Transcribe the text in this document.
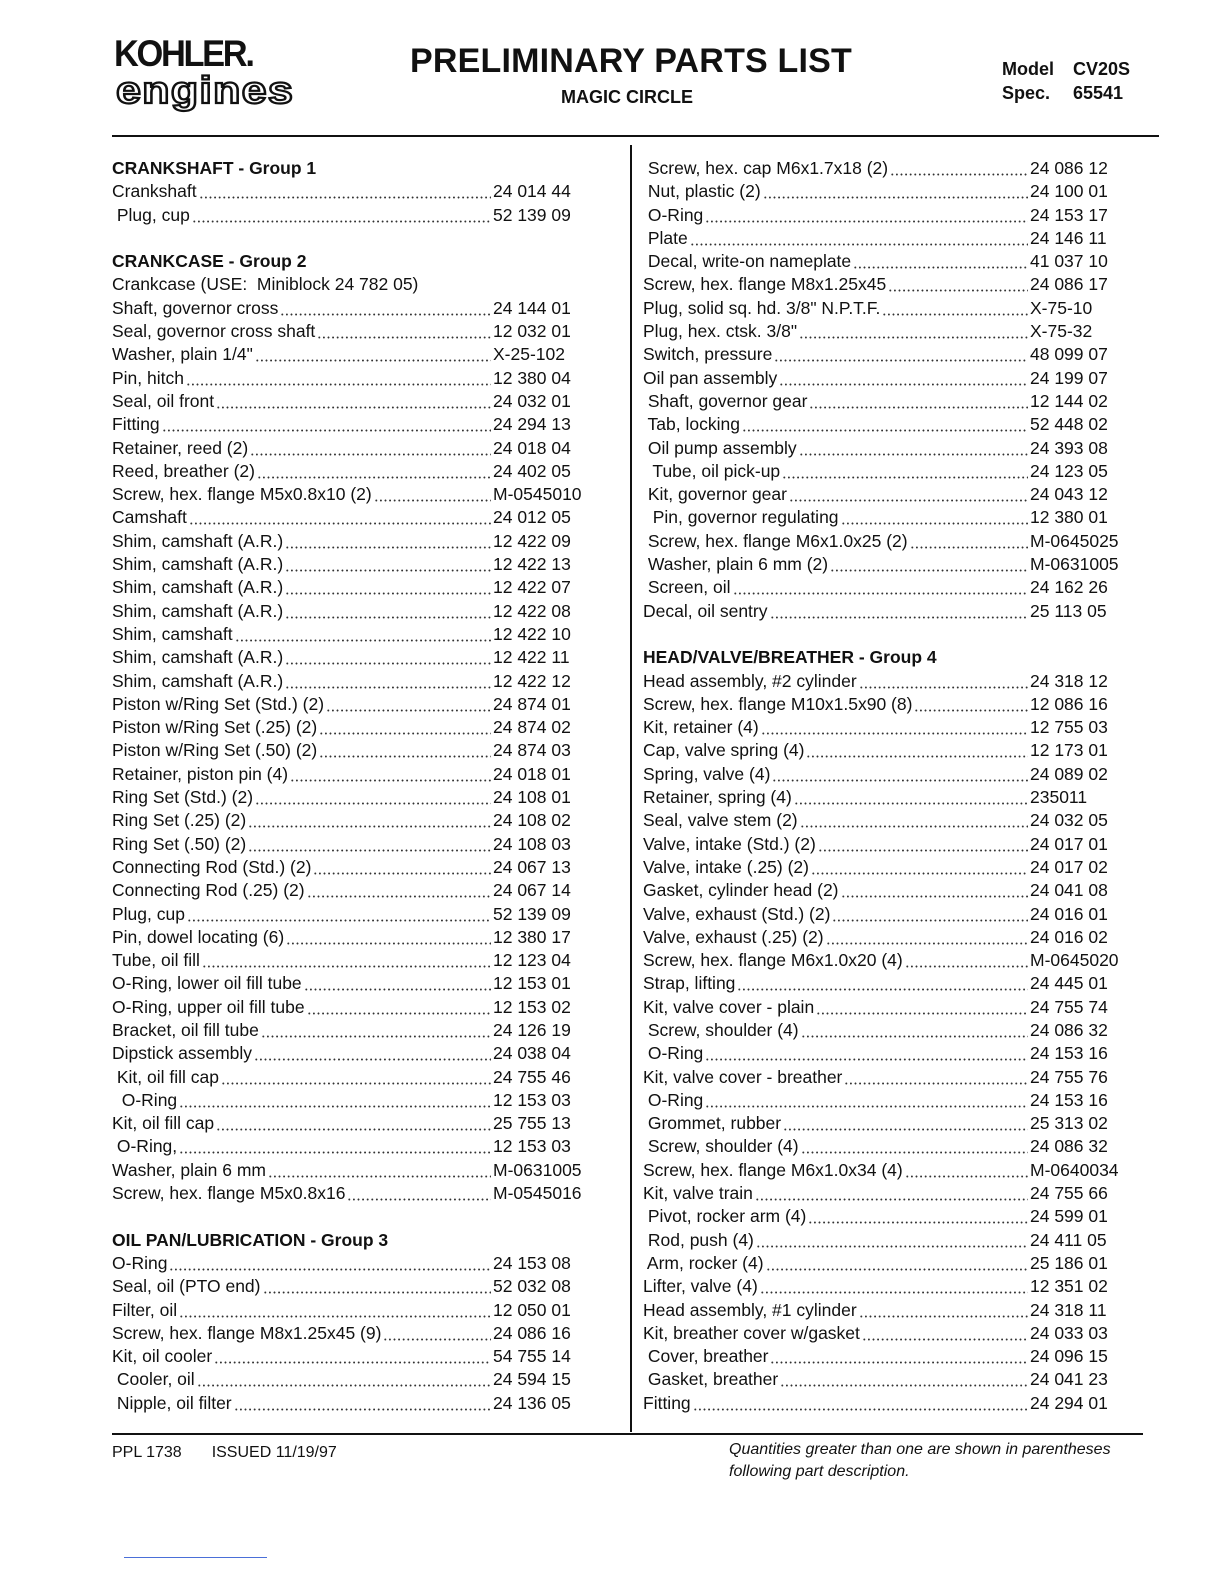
KOHLER.
engines
PRELIMINARY PARTS LIST
MAGIC CIRCLE
Model CV20S
Spec. 65541
CRANKSHAFT - Group 1
Crankshaft	24 014 44
Plug, cup	52 139 09
CRANKCASE - Group 2
Crankcase (USE:  Miniblock 24 782 05)
Shaft, governor cross	24 144 01
Seal, governor cross shaft	12 032 01
Washer, plain 1/4"	X-25-102
Pin, hitch	12 380 04
Seal, oil front	24 032 01
Fitting	24 294 13
Retainer, reed (2)	24 018 04
Reed, breather (2)	24 402 05
Screw, hex. flange M5x0.8x10 (2)	M-0545010
Camshaft	24 012 05
Shim, camshaft (A.R.)	12 422 09
Shim, camshaft (A.R.)	12 422 13
Shim, camshaft (A.R.)	12 422 07
Shim, camshaft (A.R.)	12 422 08
Shim, camshaft	12 422 10
Shim, camshaft (A.R.)	12 422 11
Shim, camshaft (A.R.)	12 422 12
Piston w/Ring Set (Std.) (2)	24 874 01
Piston w/Ring Set (.25) (2)	24 874 02
Piston w/Ring Set (.50) (2)	24 874 03
Retainer, piston pin (4)	24 018 01
Ring Set (Std.) (2)	24 108 01
Ring Set (.25) (2)	24 108 02
Ring Set (.50) (2)	24 108 03
Connecting Rod (Std.) (2)	24 067 13
Connecting Rod (.25) (2)	24 067 14
Plug, cup	52 139 09
Pin, dowel locating (6)	12 380 17
Tube, oil fill	12 123 04
O-Ring, lower oil fill tube	12 153 01
O-Ring, upper oil fill tube	12 153 02
Bracket, oil fill tube	24 126 19
Dipstick assembly	24 038 04
Kit, oil fill cap	24 755 46
O-Ring	12 153 03
Kit, oil fill cap	25 755 13
O-Ring,	12 153 03
Washer, plain 6 mm	M-0631005
Screw, hex. flange M5x0.8x16	M-0545016
OIL PAN/LUBRICATION - Group 3
O-Ring	24 153 08
Seal, oil (PTO end)	52 032 08
Filter, oil	12 050 01
Screw, hex. flange M8x1.25x45 (9)	24 086 16
Kit, oil cooler	54 755 14
Cooler, oil	24 594 15
Nipple, oil filter	24 136 05
Screw, hex. cap M6x1.7x18 (2)	24 086 12
Nut, plastic (2)	24 100 01
O-Ring	24 153 17
Plate	24 146 11
Decal, write-on nameplate	41 037 10
Screw, hex. flange M8x1.25x45	24 086 17
Plug, solid sq. hd. 3/8" N.P.T.F.	X-75-10
Plug, hex. ctsk. 3/8"	X-75-32
Switch, pressure	48 099 07
Oil pan assembly	24 199 07
Shaft, governor gear	12 144 02
Tab, locking	52 448 02
Oil pump assembly	24 393 08
Tube, oil pick-up	24 123 05
Kit, governor gear	24 043 12
Pin, governor regulating	12 380 01
Screw, hex. flange M6x1.0x25 (2)	M-0645025
Washer, plain 6 mm (2)	M-0631005
Screen, oil	24 162 26
Decal, oil sentry	25 113 05
HEAD/VALVE/BREATHER - Group 4
Head assembly, #2 cylinder	24 318 12
Screw, hex. flange M10x1.5x90 (8)	12 086 16
Kit, retainer (4)	12 755 03
Cap, valve spring (4)	12 173 01
Spring, valve (4)	24 089 02
Retainer, spring (4)	235011
Seal, valve stem (2)	24 032 05
Valve, intake (Std.) (2)	24 017 01
Valve, intake (.25) (2)	24 017 02
Gasket, cylinder head (2)	24 041 08
Valve, exhaust (Std.) (2)	24 016 01
Valve, exhaust (.25) (2)	24 016 02
Screw, hex. flange M6x1.0x20 (4)	M-0645020
Strap, lifting	24 445 01
Kit, valve cover - plain	24 755 74
Screw, shoulder (4)	24 086 32
O-Ring	24 153 16
Kit, valve cover - breather	24 755 76
O-Ring	24 153 16
Grommet, rubber	25 313 02
Screw, shoulder (4)	24 086 32
Screw, hex. flange M6x1.0x34 (4)	M-0640034
Kit, valve train	24 755 66
Pivot, rocker arm (4)	24 599 01
Rod, push (4)	24 411 05
Arm, rocker (4)	25 186 01
Lifter, valve (4)	12 351 02
Head assembly, #1 cylinder	24 318 11
Kit, breather cover w/gasket	24 033 03
Cover, breather	24 096 15
Gasket, breather	24 041 23
Fitting	24 294 01
PPL 1738 ISSUED 11/19/97	Quantities greater than one are shown in parentheses
following part description.
